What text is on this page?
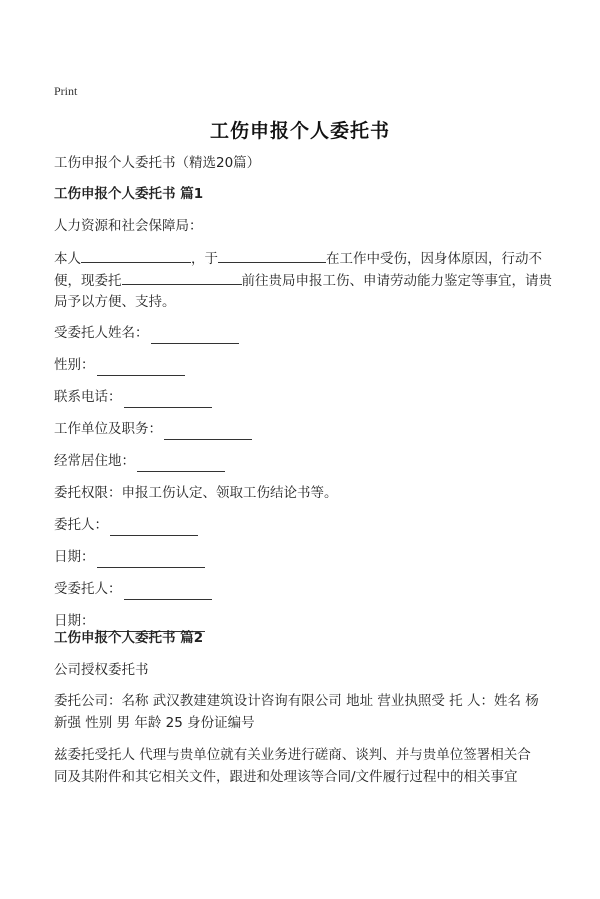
Print
工伤申报个人委托书
工伤申报个人委托书（精选20篇）
工伤申报个人委托书 篇1
人力资源和社会保障局：
本人	，于	在工作中受伤，因身体原因，行动不
便，现委托	前往贵局申报工伤、申请劳动能力鉴定等事宜，请贵
局予以方便、支持。
受委托人姓名：
性别：
联系电话：
工作单位及职务：
经常居住地：
委托权限：申报工伤认定、领取工伤结论书等。
委托人：
日期：
受委托人：
日期：
工伤申报个人委托书 篇2
公司授权委托书
委托公司：名称 武汉教建建筑设计咨询有限公司 地址 营业执照受 托 人：姓名 杨
新强 性别 男 年龄 25 身份证编号
兹委托受托人 代理与贵单位就有关业务进行磋商、谈判、并与贵单位签署相关合
同及其附件和其它相关文件，跟进和处理该等合同/文件履行过程中的相关事宜
